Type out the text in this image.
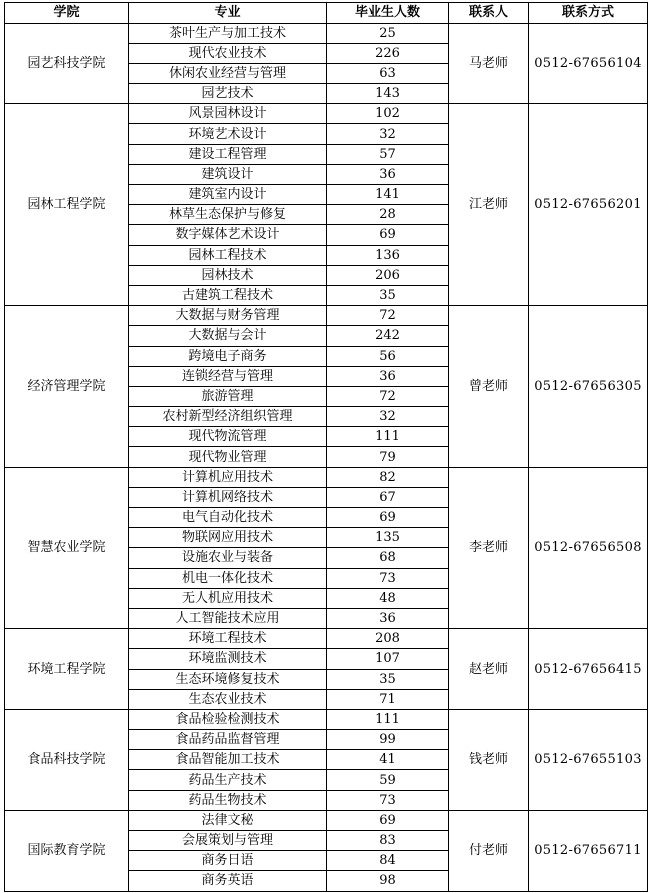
学院	专业	毕业生人数	联系人	联系方式
园艺科技学院	茶叶生产与加工技术	25	马老师	0512-67656104
	现代农业技术	226		
	休闲农业经营与管理	63		
	园艺技术	143		
园林工程学院	风景园林设计	102	江老师	0512-67656201
	环境艺术设计	32		
	建设工程管理	57		
	建筑设计	36		
	建筑室内设计	141		
	林草生态保护与修复	28		
	数字媒体艺术设计	69		
	园林工程技术	136		
	园林技术	206		
	古建筑工程技术	35		
经济管理学院	大数据与财务管理	72	曾老师	0512-67656305
	大数据与会计	242		
	跨境电子商务	56		
	连锁经营与管理	36		
	旅游管理	72		
	农村新型经济组织管理	32		
	现代物流管理	111		
	现代物业管理	79		
智慧农业学院	计算机应用技术	82	李老师	0512-67656508
	计算机网络技术	67		
	电气自动化技术	69		
	物联网应用技术	135		
	设施农业与装备	68		
	机电一体化技术	73		
	无人机应用技术	48		
	人工智能技术应用	36		
环境工程学院	环境工程技术	208	赵老师	0512-67656415
	环境监测技术	107		
	生态环境修复技术	35		
	生态农业技术	71		
食品科技学院	食品检验检测技术	111	钱老师	0512-67655103
	食品药品监督管理	99		
	食品智能加工技术	41		
	药品生产技术	59		
	药品生物技术	73		
国际教育学院	法律文秘	69	付老师	0512-67656711
	会展策划与管理	83		
	商务日语	84		
	商务英语	98		
